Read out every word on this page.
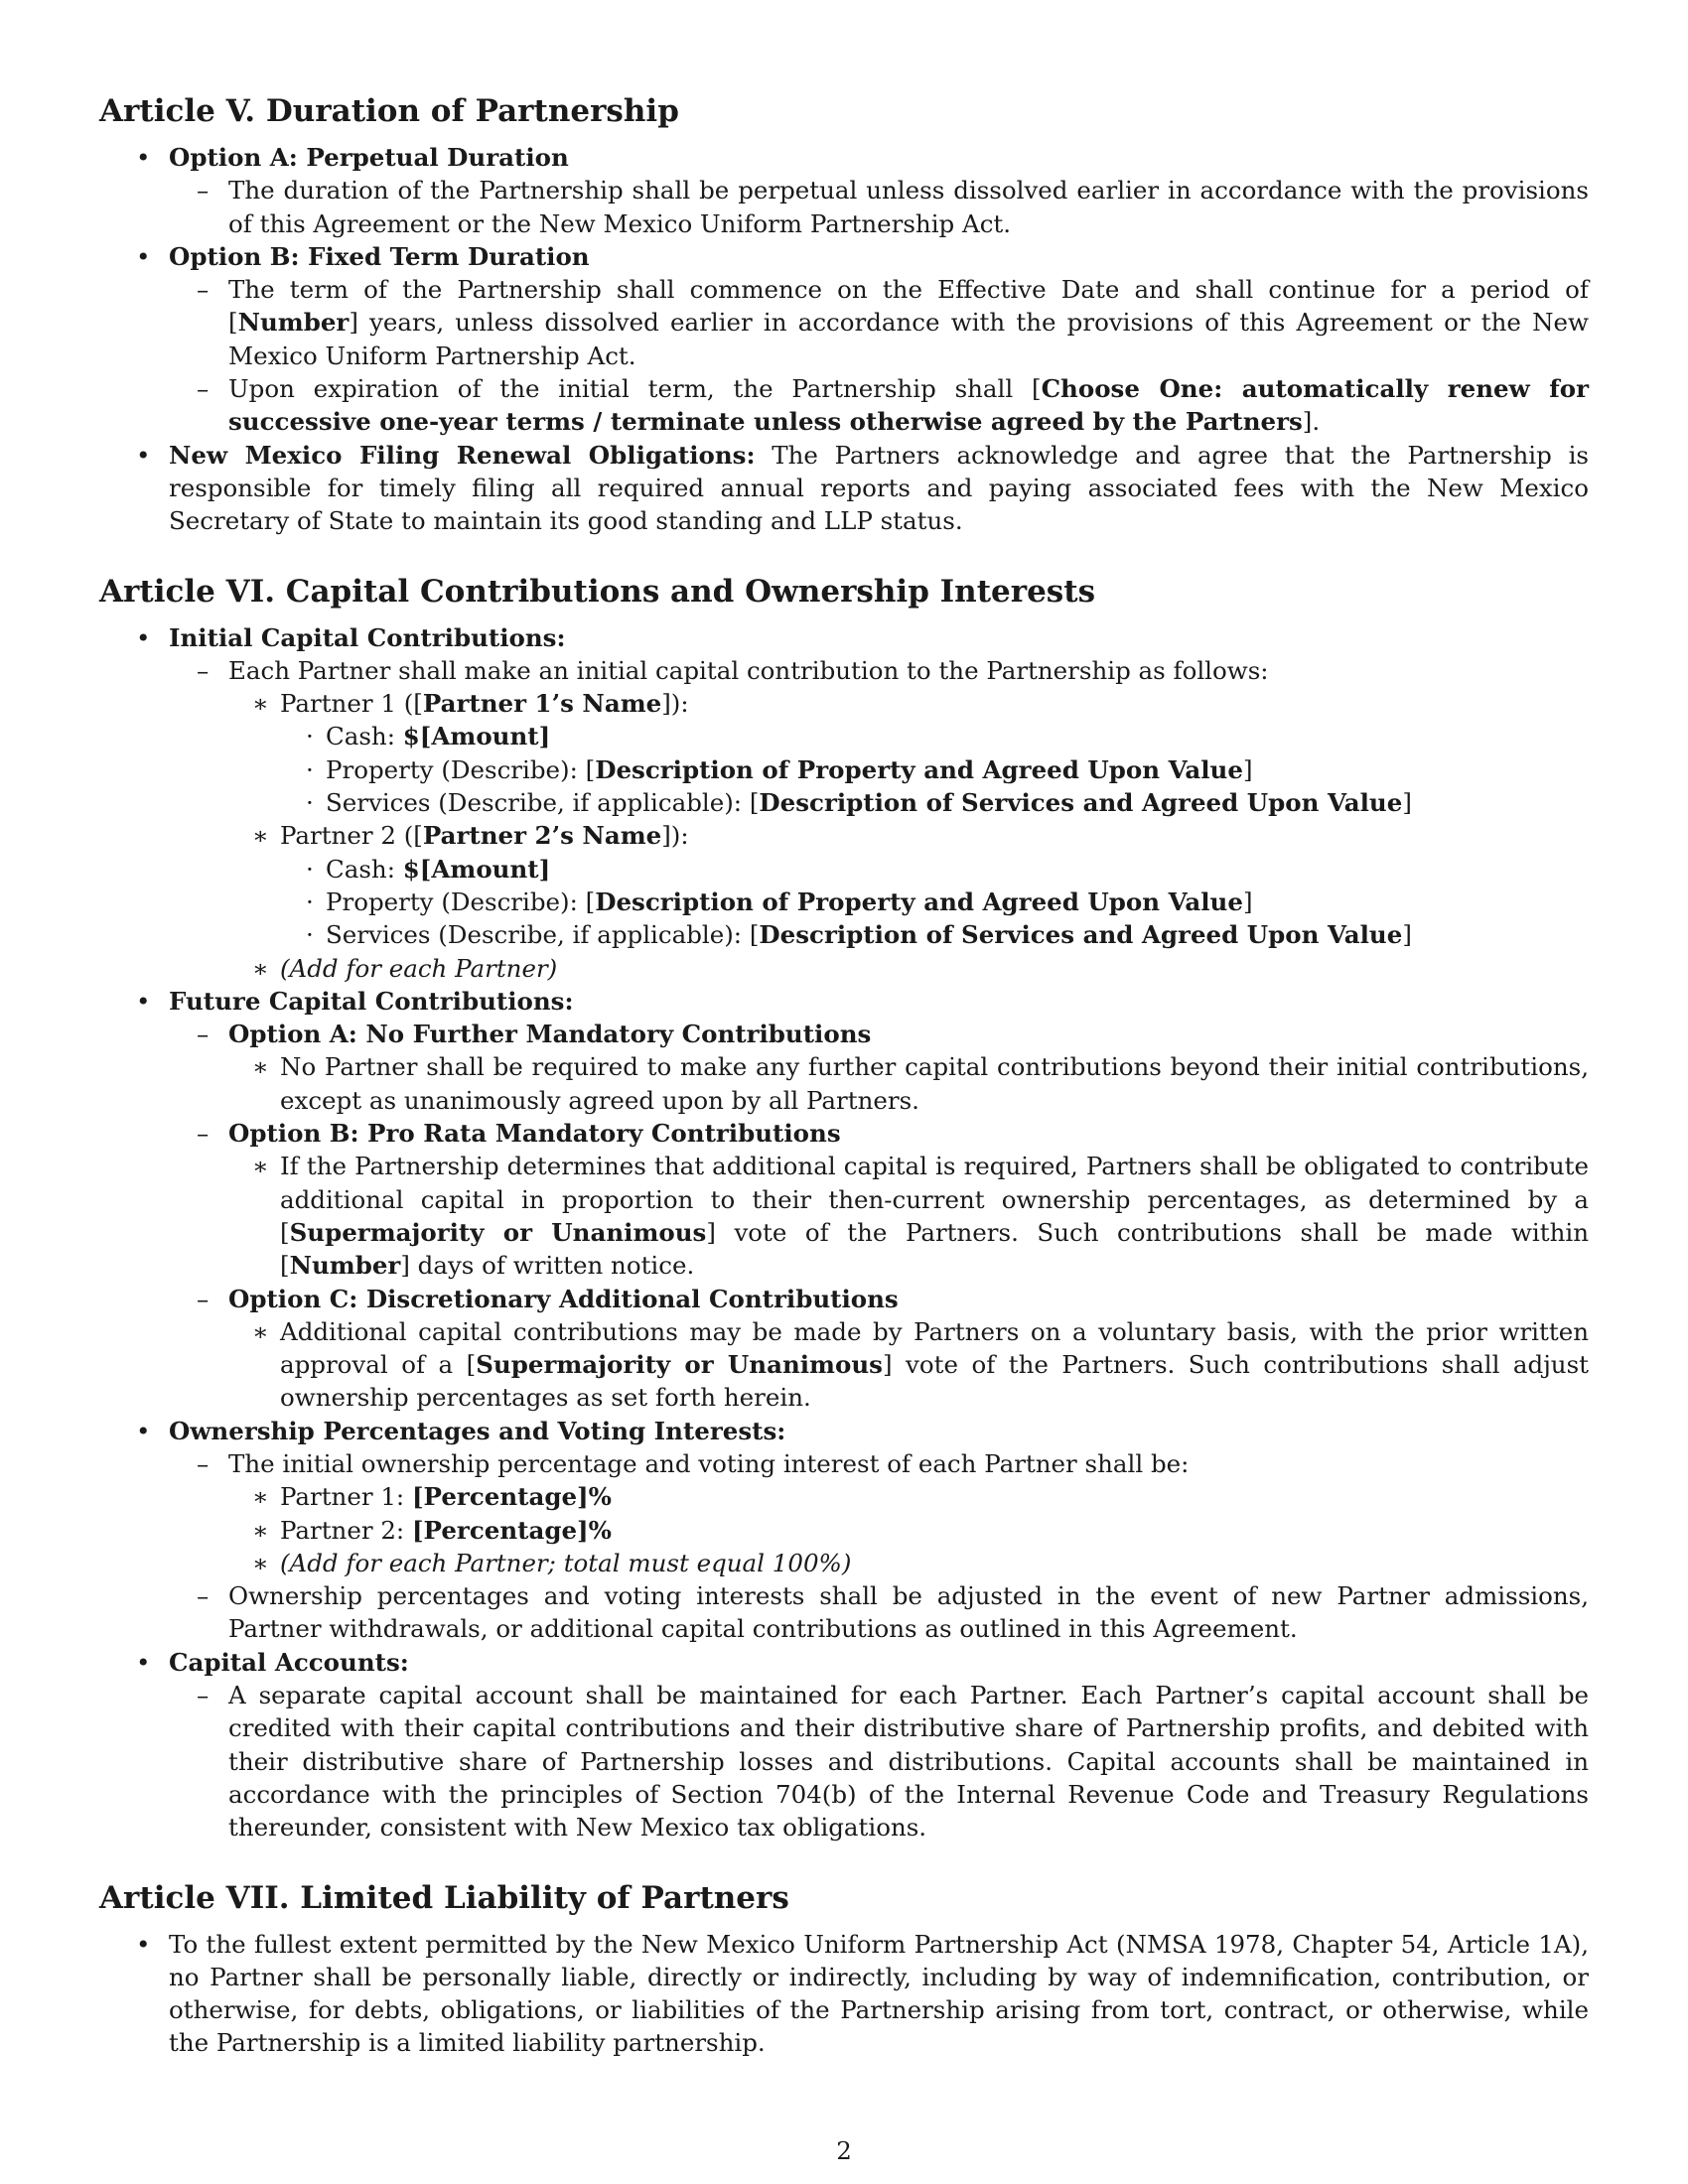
Article V. Duration of Partnership
• Option A: Perpetual Duration
– The duration of the Partnership shall be perpetual unless dissolved earlier in accordance with the provisions of this Agreement or the New Mexico Uniform Partnership Act.
• Option B: Fixed Term Duration
– The term of the Partnership shall commence on the Effective Date and shall continue for a period of [Number] years, unless dissolved earlier in accordance with the provisions of this Agreement or the New Mexico Uniform Partnership Act.
– Upon expiration of the initial term, the Partnership shall [Choose One: automatically renew for successive one-year terms / terminate unless otherwise agreed by the Partners].
• New Mexico Filing Renewal Obligations: The Partners acknowledge and agree that the Partnership is responsible for timely filing all required annual reports and paying associated fees with the New Mexico Secretary of State to maintain its good standing and LLP status.
Article VI. Capital Contributions and Ownership Interests
• Initial Capital Contributions:
– Each Partner shall make an initial capital contribution to the Partnership as follows:
∗ Partner 1 ([Partner 1’s Name]):
· Cash: $[Amount]
· Property (Describe): [Description of Property and Agreed Upon Value]
· Services (Describe, if applicable): [Description of Services and Agreed Upon Value]
∗ Partner 2 ([Partner 2’s Name]):
· Cash: $[Amount]
· Property (Describe): [Description of Property and Agreed Upon Value]
· Services (Describe, if applicable): [Description of Services and Agreed Upon Value]
∗ (Add for each Partner)
• Future Capital Contributions:
– Option A: No Further Mandatory Contributions
∗ No Partner shall be required to make any further capital contributions beyond their initial contributions, except as unanimously agreed upon by all Partners.
– Option B: Pro Rata Mandatory Contributions
∗ If the Partnership determines that additional capital is required, Partners shall be obligated to contribute additional capital in proportion to their then-current ownership percentages, as determined by a [Supermajority or Unanimous] vote of the Partners. Such contributions shall be made within [Number] days of written notice.
– Option C: Discretionary Additional Contributions
∗ Additional capital contributions may be made by Partners on a voluntary basis, with the prior written approval of a [Supermajority or Unanimous] vote of the Partners. Such contributions shall adjust ownership percentages as set forth herein.
• Ownership Percentages and Voting Interests:
– The initial ownership percentage and voting interest of each Partner shall be:
∗ Partner 1: [Percentage]%
∗ Partner 2: [Percentage]%
∗ (Add for each Partner; total must equal 100%)
– Ownership percentages and voting interests shall be adjusted in the event of new Partner admissions, Partner withdrawals, or additional capital contributions as outlined in this Agreement.
• Capital Accounts:
– A separate capital account shall be maintained for each Partner. Each Partner’s capital account shall be credited with their capital contributions and their distributive share of Partnership profits, and debited with their distributive share of Partnership losses and distributions. Capital accounts shall be maintained in accordance with the principles of Section 704(b) of the Internal Revenue Code and Treasury Regulations thereunder, consistent with New Mexico tax obligations.
Article VII. Limited Liability of Partners
• To the fullest extent permitted by the New Mexico Uniform Partnership Act (NMSA 1978, Chapter 54, Article 1A), no Partner shall be personally liable, directly or indirectly, including by way of indemnification, contribution, or otherwise, for debts, obligations, or liabilities of the Partnership arising from tort, contract, or otherwise, while the Partnership is a limited liability partnership.
2
